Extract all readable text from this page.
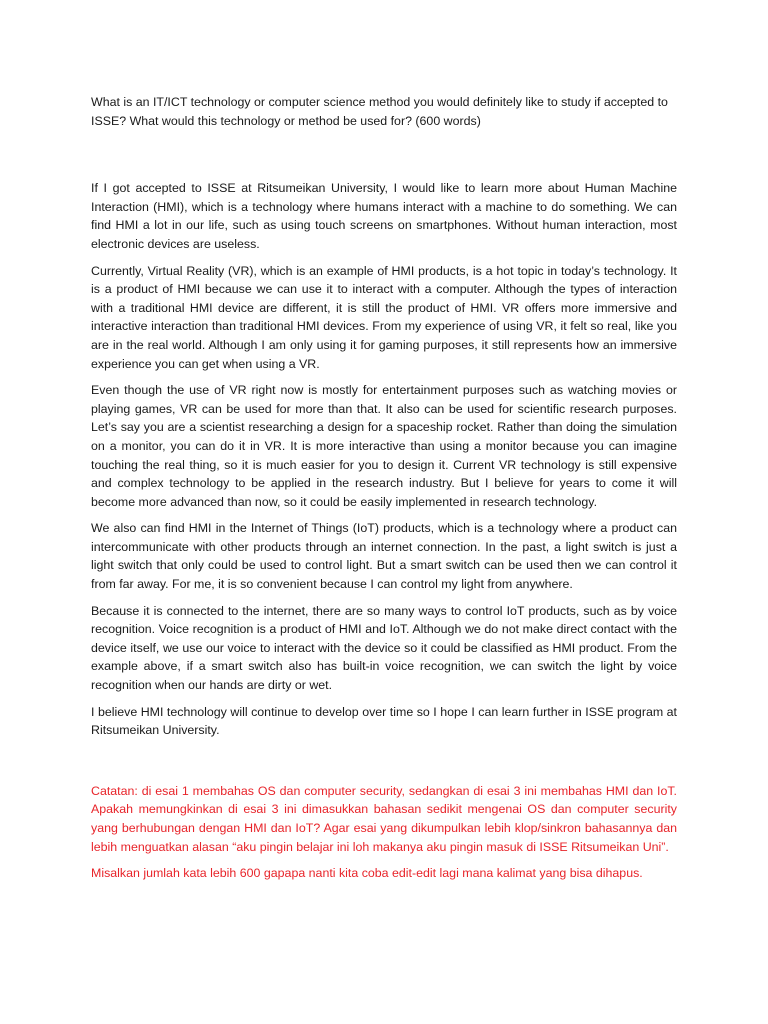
What is an IT/ICT technology or computer science method you would definitely like to study if accepted to ISSE? What would this technology or method be used for? (600 words)

If I got accepted to ISSE at Ritsumeikan University, I would like to learn more about Human Machine Interaction (HMI), which is a technology where humans interact with a machine to do something. We can find HMI a lot in our life, such as using touch screens on smartphones. Without human interaction, most electronic devices are useless.

Currently, Virtual Reality (VR), which is an example of HMI products, is a hot topic in today’s technology. It is a product of HMI because we can use it to interact with a computer. Although the types of interaction with a traditional HMI device are different, it is still the product of HMI. VR offers more immersive and interactive interaction than traditional HMI devices. From my experience of using VR, it felt so real, like you are in the real world. Although I am only using it for gaming purposes, it still represents how an immersive experience you can get when using a VR.

Even though the use of VR right now is mostly for entertainment purposes such as watching movies or playing games, VR can be used for more than that. It also can be used for scientific research purposes. Let’s say you are a scientist researching a design for a spaceship rocket. Rather than doing the simulation on a monitor, you can do it in VR. It is more interactive than using a monitor because you can imagine touching the real thing, so it is much easier for you to design it. Current VR technology is still expensive and complex technology to be applied in the research industry. But I believe for years to come it will become more advanced than now, so it could be easily implemented in research technology.

We also can find HMI in the Internet of Things (IoT) products, which is a technology where a product can intercommunicate with other products through an internet connection. In the past, a light switch is just a light switch that only could be used to control light. But a smart switch can be used then we can control it from far away. For me, it is so convenient because I can control my light from anywhere.

Because it is connected to the internet, there are so many ways to control IoT products, such as by voice recognition. Voice recognition is a product of HMI and IoT. Although we do not make direct contact with the device itself, we use our voice to interact with the device so it could be classified as HMI product. From the example above, if a smart switch also has built-in voice recognition, we can switch the light by voice recognition when our hands are dirty or wet.

I believe HMI technology will continue to develop over time so I hope I can learn further in ISSE program at Ritsumeikan University.

Catatan: di esai 1 membahas OS dan computer security, sedangkan di esai 3 ini membahas HMI dan IoT. Apakah memungkinkan di esai 3 ini dimasukkan bahasan sedikit mengenai OS dan computer security yang berhubungan dengan HMI dan IoT? Agar esai yang dikumpulkan lebih klop/sinkron bahasannya dan lebih menguatkan alasan “aku pingin belajar ini loh makanya aku pingin masuk di ISSE Ritsumeikan Uni”.

Misalkan jumlah kata lebih 600 gapapa nanti kita coba edit-edit lagi mana kalimat yang bisa dihapus.
